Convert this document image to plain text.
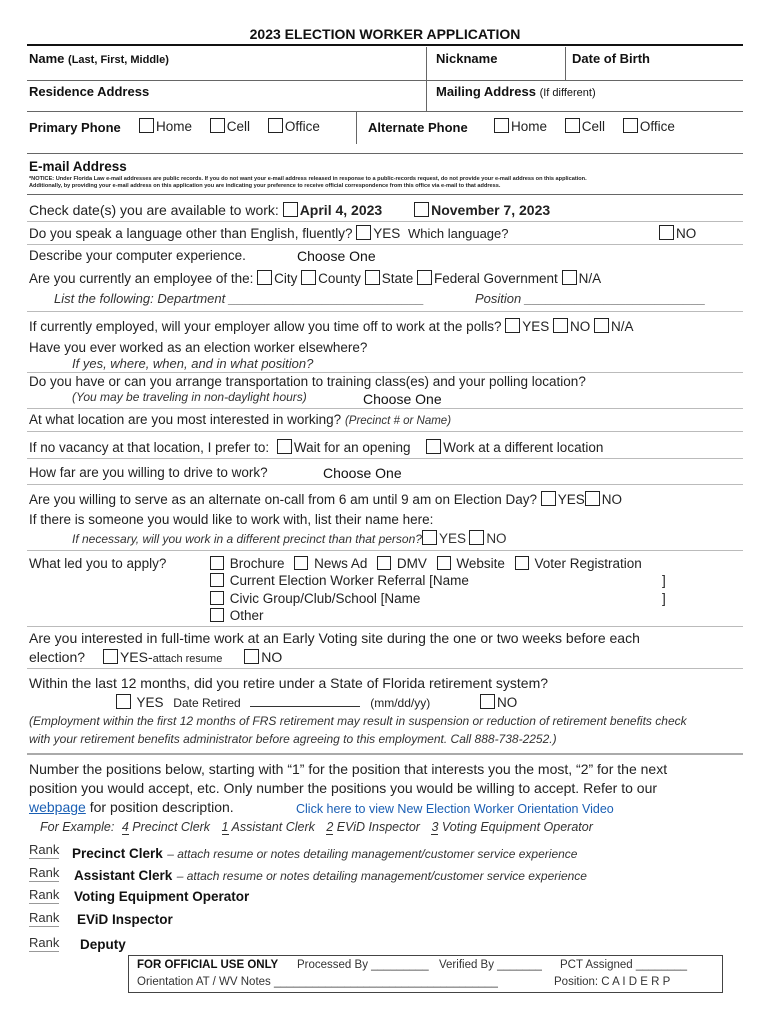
2023 ELECTION WORKER APPLICATION
Name (Last, First, Middle)	Nickname	Date of Birth
Residence Address	Mailing Address (If different)
Primary Phone	Home	Cell	Office	Alternate Phone	Home	Cell	Office
E-mail Address
*NOTICE: Under Florida Law e-mail addresses are public records. If you do not want your e-mail address released in response to a public-records request, do not provide your e-mail address on this application.
Additionally, by providing your e-mail address on this application you are indicating your preference to receive official correspondence from this office via e-mail to that address.
Check date(s) you are available to work: April 4, 2023	November 7, 2023
Do you speak a language other than English, fluently? YES Which language?	NO
Describe your computer experience.	Choose One
Are you currently an employee of the: City County State Federal Government N/A
List the following: Department ___________________________	Position _________________________
If currently employed, will your employer allow you time off to work at the polls? YES NO N/A
Have you ever worked as an election worker elsewhere?
If yes, where, when, and in what position?
Do you have or can you arrange transportation to training class(es) and your polling location?
(You may be traveling in non-daylight hours)	Choose One
At what location are you most interested in working? (Precinct # or Name)
If no vacancy at that location, I prefer to: Wait for an opening Work at a different location
How far are you willing to drive to work?	Choose One
Are you willing to serve as an alternate on-call from 6 am until 9 am on Election Day? YES NO
If there is someone you would like to work with, list their name here:
If necessary, will you work in a different precinct than that person? YES NO
What led you to apply?	Brochure News Ad DMV Website Voter Registration
Current Election Worker Referral [Name	]
Civic Group/Club/School [Name	]
Other
Are you interested in full-time work at an Early Voting site during the one or two weeks before each
election? YES-attach resume	NO
Within the last 12 months, did you retire under a State of Florida retirement system?
YES Date Retired	(mm/dd/yy)	NO
(Employment within the first 12 months of FRS retirement may result in suspension or reduction of retirement benefits check
with your retirement benefits administrator before agreeing to this employment. Call 888-738-2252.)
Number the positions below, starting with “1” for the position that interests you the most, “2” for the next
position you would accept, etc. Only number the positions you would be willing to accept. Refer to our
webpage for position description.	Click here to view New Election Worker Orientation Video
For Example: 4 Precinct Clerk 1 Assistant Clerk 2 EViD Inspector 3 Voting Equipment Operator
Rank Precinct Clerk – attach resume or notes detailing management/customer service experience
Rank Assistant Clerk – attach resume or notes detailing management/customer service experience
Rank Voting Equipment Operator
Rank EViD Inspector
Rank Deputy
FOR OFFICIAL USE ONLY Processed By _________ Verified By _______ PCT Assigned ________
Orientation AT / WV Notes ___________________________________	Position: C A I D E R P
